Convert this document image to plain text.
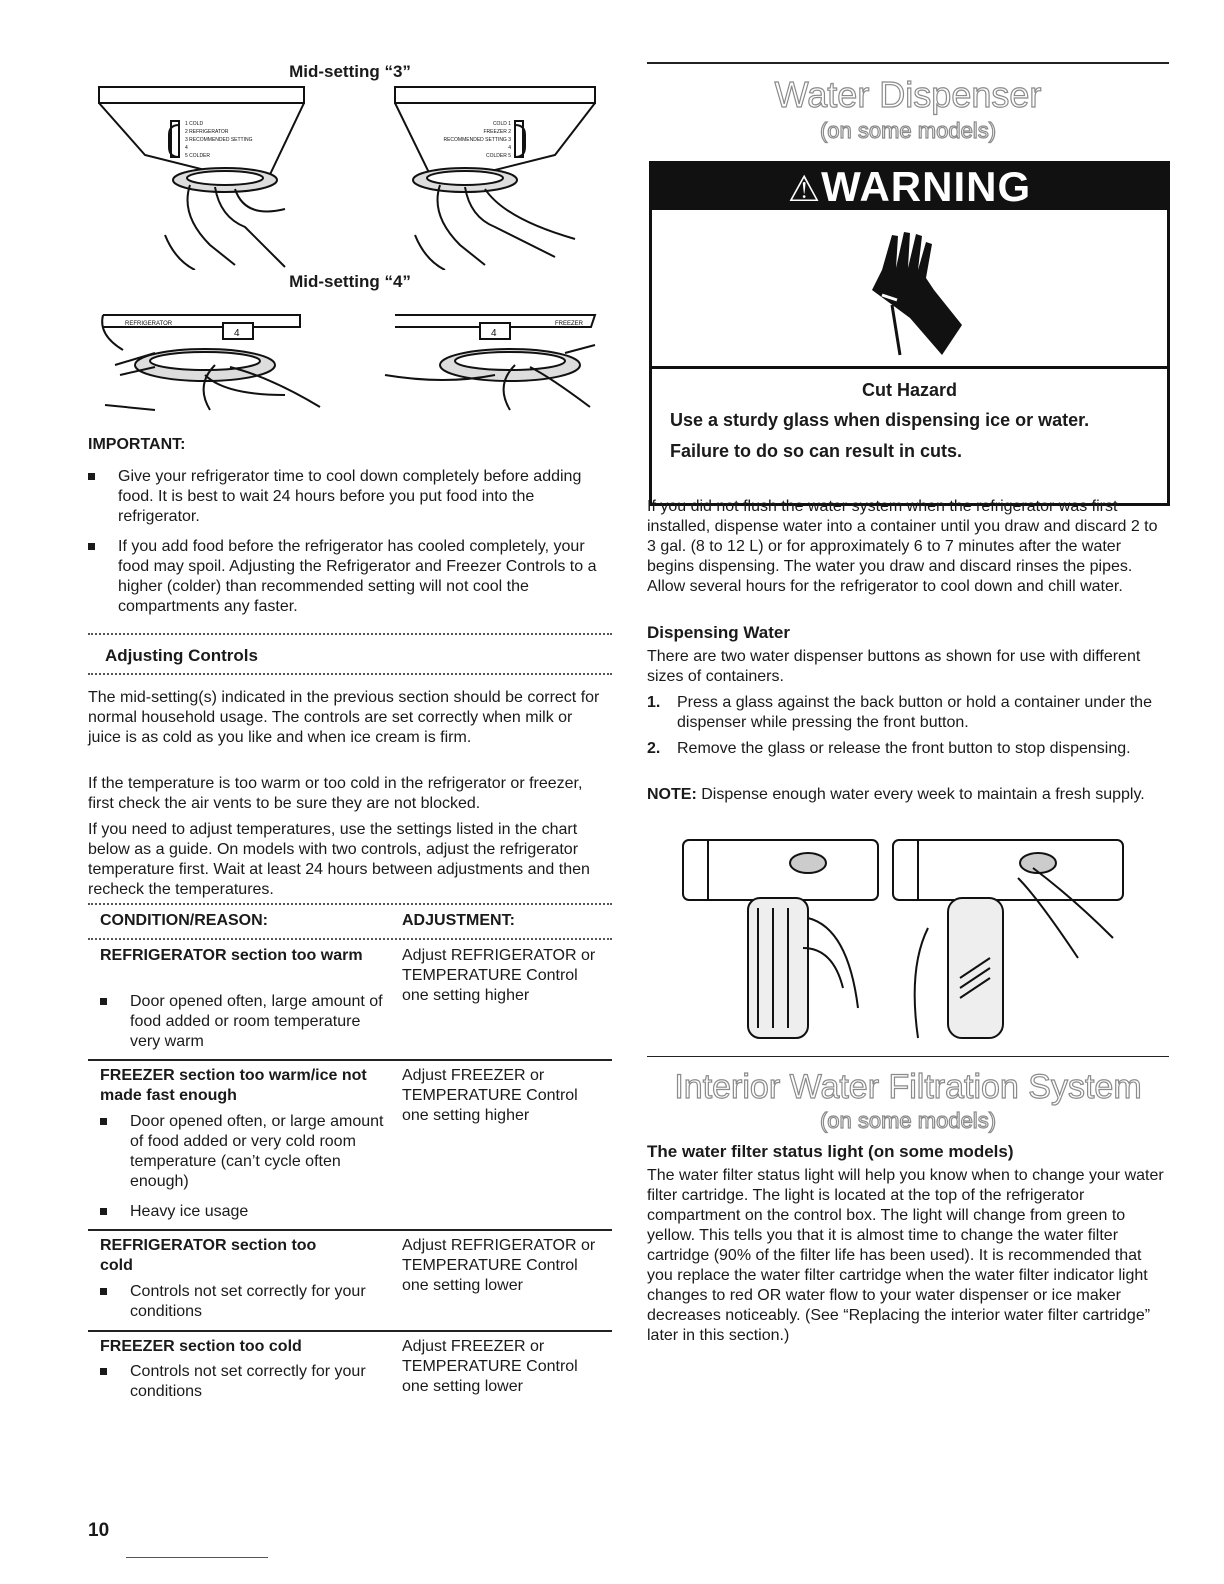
Mid-setting “3”
1 COLD
2 REFRIGERATOR
3 RECOMMENDED SETTING
4
5 COLDER
COLD 1
FREEZER 2
RECOMMENDED SETTING 3
4
COLDER 5
Mid-setting “4”
REFRIGERATOR
4
FREEZER
4
IMPORTANT:
Give your refrigerator time to cool down completely before adding food. It is best to wait 24 hours before you put food into the refrigerator.
If you add food before the refrigerator has cooled completely, your food may spoil. Adjusting the Refrigerator and Freezer Controls to a higher (colder) than recommended setting will not cool the compartments any faster.
Adjusting Controls
The mid-setting(s) indicated in the previous section should be correct for normal household usage. The controls are set correctly when milk or juice is as cold as you like and when ice cream is firm.
If the temperature is too warm or too cold in the refrigerator or freezer, first check the air vents to be sure they are not blocked.
If you need to adjust temperatures, use the settings listed in the chart below as a guide. On models with two controls, adjust the refrigerator temperature first. Wait at least 24 hours between adjustments and then recheck the temperatures.
CONDITION/REASON:	ADJUSTMENT:
REFRIGERATOR section too warm
Door opened often, large amount of food added or room temperature very warm
Adjust REFRIGERATOR or TEMPERATURE Control one setting higher
FREEZER section too warm/ice not made fast enough
Door opened often, or large amount of food added or very cold room temperature (can’t cycle often enough)
Heavy ice usage
Adjust FREEZER or TEMPERATURE Control one setting higher
REFRIGERATOR section too cold
Controls not set correctly for your conditions
Adjust REFRIGERATOR or TEMPERATURE Control one setting lower
FREEZER section too cold
Controls not set correctly for your conditions
Adjust FREEZER or TEMPERATURE Control one setting lower
10
Water Dispenser
(on some models)
⚠WARNING
Cut Hazard
Use a sturdy glass when dispensing ice or water.
Failure to do so can result in cuts.
If you did not flush the water system when the refrigerator was first installed, dispense water into a container until you draw and discard 2 to 3 gal. (8 to 12 L) or for approximately 6 to 7 minutes after the water begins dispensing. The water you draw and discard rinses the pipes. Allow several hours for the refrigerator to cool down and chill water.
Dispensing Water
There are two water dispenser buttons as shown for use with different sizes of containers.
1. Press a glass against the back button or hold a container under the dispenser while pressing the front button.
2. Remove the glass or release the front button to stop dispensing.
NOTE: Dispense enough water every week to maintain a fresh supply.
Interior Water Filtration System
(on some models)
The water filter status light (on some models)
The water filter status light will help you know when to change your water filter cartridge. The light is located at the top of the refrigerator compartment on the control box. The light will change from green to yellow. This tells you that it is almost time to change the water filter cartridge (90% of the filter life has been used). It is recommended that you replace the water filter cartridge when the water filter indicator light changes to red OR water flow to your water dispenser or ice maker decreases noticeably. (See “Replacing the interior water filter cartridge” later in this section.)
